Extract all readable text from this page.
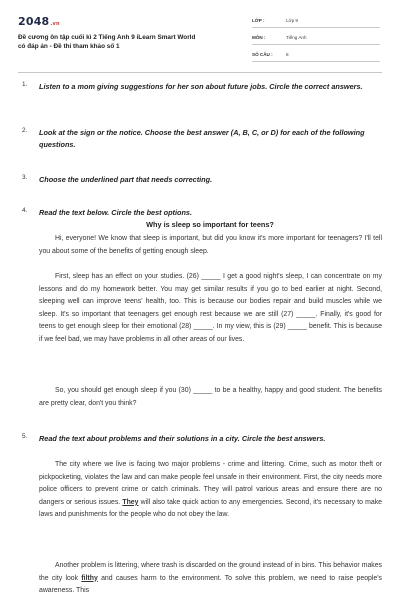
2048.vn
Đề cương ôn tập cuối kì 2 Tiếng Anh 9 iLearn Smart World
có đáp án - Đề thi tham khảo số 1
LỚP :	Lớp 9
MÔN :	Tiếng Anh
SỐ CÂU :	8
1. Listen to a mom giving suggestions for her son about future jobs. Circle the correct answers.
2. Look at the sign or the notice. Choose the best answer (A, B, C, or D) for each of the following questions.
3. Choose the underlined part that needs correcting.
4. Read the text below. Circle the best options.
Why is sleep so important for teens?
Hi, everyone! We know that sleep is important, but did you know it's more important for teenagers? I'll tell you about some of the benefits of getting enough sleep.
First, sleep has an effect on your studies. (26) _____ I get a good night's sleep, I can concentrate on my lessons and do my homework better. You may get similar results if you go to bed earlier at night. Second, sleeping well can improve teens' health, too. This is because our bodies repair and build muscles while we sleep. It's so important that teenagers get enough rest because we are still (27) _____. Finally, it's good for teens to get enough sleep for their emotional (28) _____. In my view, this is (29) _____ benefit. This is because if we feel bad, we may have problems in all other areas of our lives.
So, you should get enough sleep if you (30) _____ to be a healthy, happy and good student. The benefits are pretty clear, don't you think?
5. Read the text about problems and their solutions in a city. Circle the best answers.
The city where we live is facing two major problems - crime and littering. Crime, such as motor theft or pickpocketing, violates the law and can make people feel unsafe in their environment. First, the city needs more police officers to prevent crime or catch criminals. They will patrol various areas and ensure there are no dangers or serious issues. They will also take quick action to any emergencies. Second, it's necessary to make laws and punishments for the people who do not obey the law.
Another problem is littering, where trash is discarded on the ground instead of in bins. This behavior makes the city look filthy and causes harm to the environment. To solve this problem, we need to raise people's awareness. This
